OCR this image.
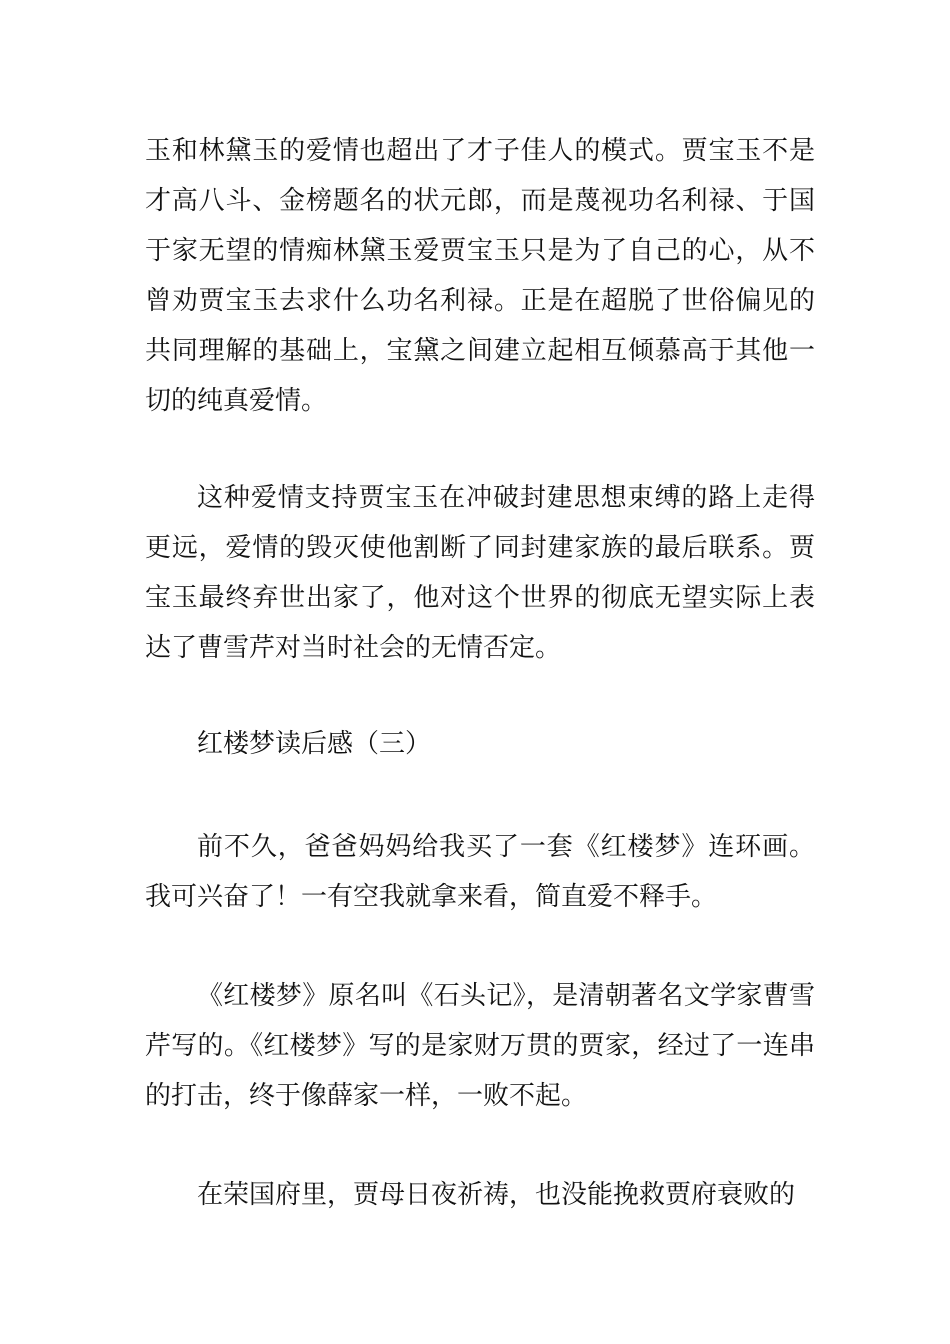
玉和林黛玉的爱情也超出了才子佳人的模式。贾宝玉不是才高八斗、金榜题名的状元郎，而是蔑视功名利禄、于国于家无望的情痴林黛玉爱贾宝玉只是为了自己的心，从不曾劝贾宝玉去求什么功名利禄。正是在超脱了世俗偏见的共同理解的基础上，宝黛之间建立起相互倾慕高于其他一切的纯真爱情。

这种爱情支持贾宝玉在冲破封建思想束缚的路上走得更远，爱情的毁灭使他割断了同封建家族的最后联系。贾宝玉最终弃世出家了，他对这个世界的彻底无望实际上表达了曹雪芹对当时社会的无情否定。

红楼梦读后感（三）

前不久，爸爸妈妈给我买了一套《红楼梦》连环画。我可兴奋了！一有空我就拿来看，简直爱不释手。

《红楼梦》原名叫《石头记》，是清朝著名文学家曹雪芹写的。《红楼梦》写的是家财万贯的贾家，经过了一连串的打击，终于像薛家一样，一败不起。

在荣国府里，贾母日夜祈祷，也没能挽救贾府衰败的
